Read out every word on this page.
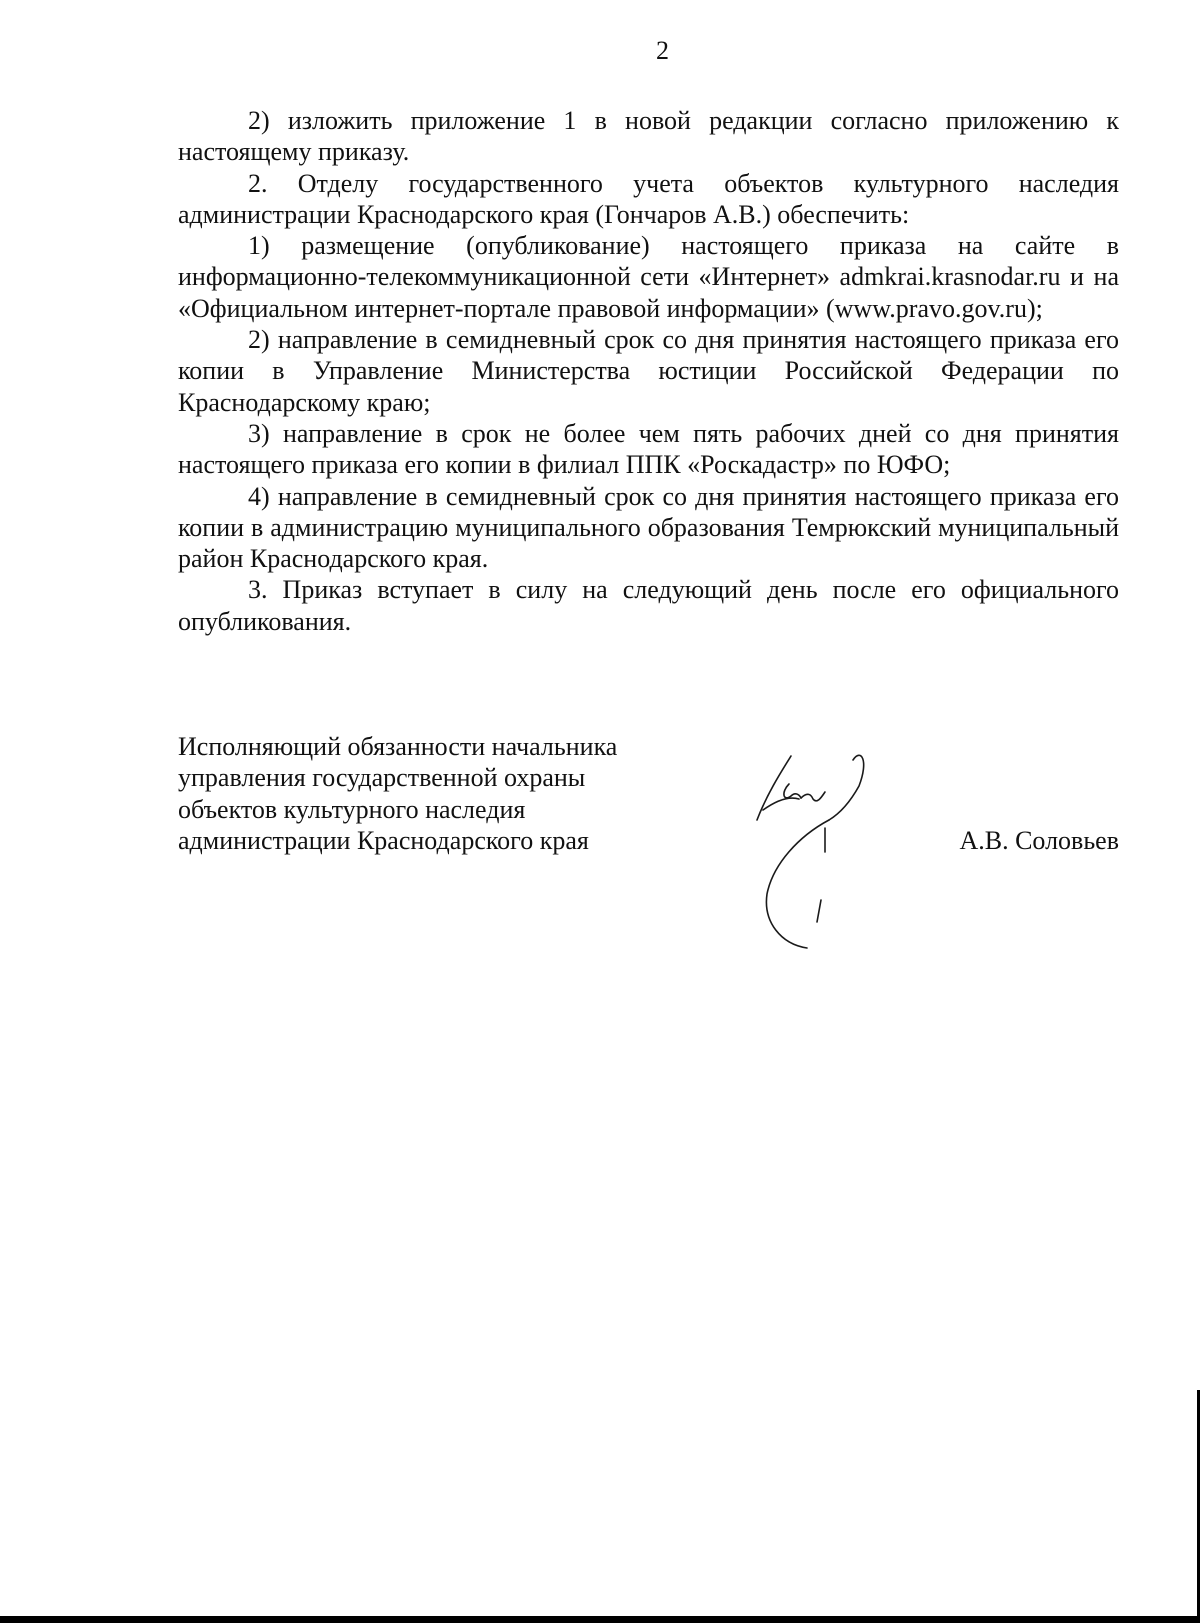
2

2) изложить приложение 1 в новой редакции согласно приложению к настоящему приказу.

2. Отделу государственного учета объектов культурного наследия администрации Краснодарского края (Гончаров А.В.) обеспечить:

1) размещение (опубликование) настоящего приказа на сайте в информационно-телекоммуникационной сети «Интернет» admkrai.krasnodar.ru и на «Официальном интернет-портале правовой информации» (www.pravo.gov.ru);

2) направление в семидневный срок со дня принятия настоящего приказа его копии в Управление Министерства юстиции Российской Федерации по Краснодарскому краю;

3) направление в срок не более чем пять рабочих дней со дня принятия настоящего приказа его копии в филиал ППК «Роскадастр» по ЮФО;

4) направление в семидневный срок со дня принятия настоящего приказа его копии в администрацию муниципального образования Темрюкский муниципальный район Краснодарского края.

3. Приказ вступает в силу на следующий день после его официального опубликования.

Исполняющий обязанности начальника
управления государственной охраны
объектов культурного наследия
администрации Краснодарского края	А.В. Соловьев
